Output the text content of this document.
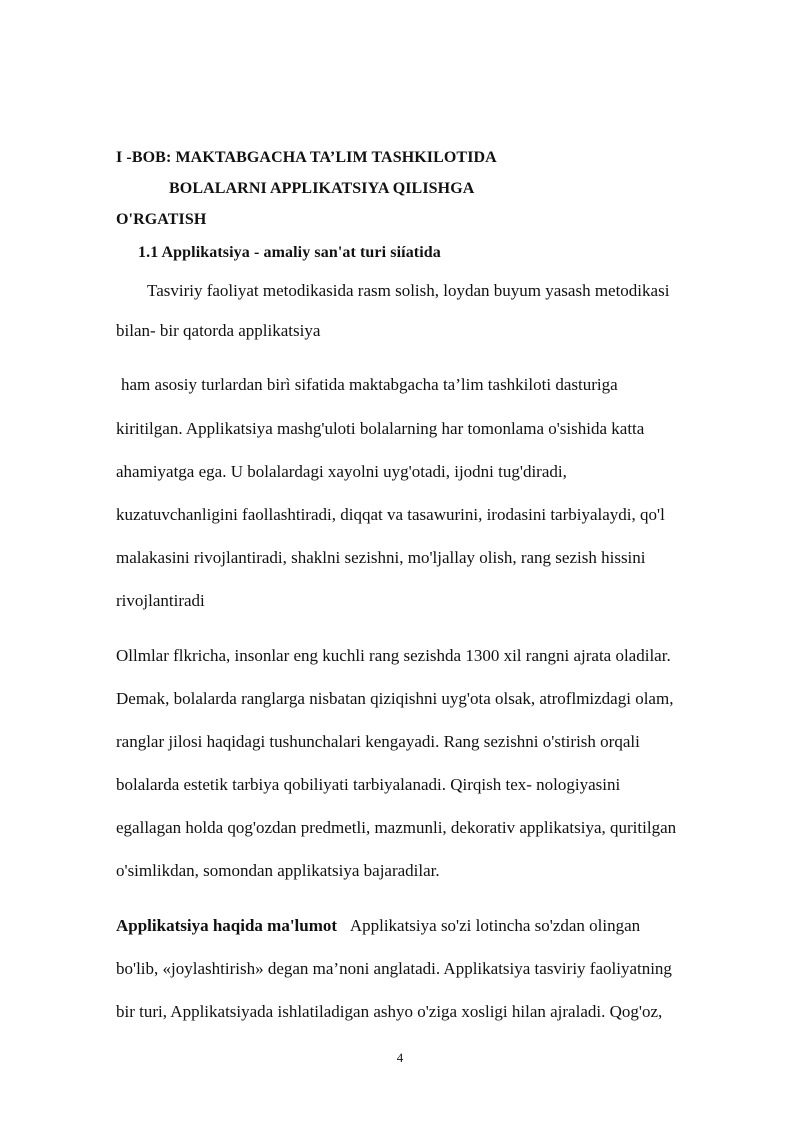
I -BOB: MAKTABGACHA TA’LIM TASHKILOTIDA

BOLALARNI APPLIKATSIYA QILISHGA

O'RGATISH

1.1 Applikatsiya - amaliy san'at turi siíatida

Tasviriy faoliyat metodikasida rasm solish, loydan buyum yasash metodikasi

bilan- bir qatorda applikatsiya

ham asosiy turlardan birì sifatida maktabgacha ta’lim tashkiloti dasturiga

kiritilgan. Applikatsiya mashg'uloti bolalarning har tomonlama o'sishida katta

ahamiyatga ega. U bolalardagi xayolni uyg'otadi, ijodni tug'diradi,

kuzatuvchanligini faollashtiradi, diqqat va tasawurini, irodasini tarbiyalaydi, qo'l

malakasini rivojlantiradi, shaklni sezishni, mo'ljallay olish, rang sezish hissini

rivojlantiradi

Ollmlar flkricha, insonlar eng kuchli rang sezishda 1300 xil rangni ajrata oladilar.

Demak, bolalarda ranglarga nisbatan qiziqishni uyg'ota olsak, atroflmizdagi olam,

ranglar jilosi haqidagi tushunchalari kengayadi. Rang sezishni o'stirish orqali

bolalarda estetik tarbiya qobiliyati tarbiyalanadi. Qirqish tex- nologiyasini

egallagan holda qog'ozdan predmetli, mazmunli, dekorativ applikatsiya, quritilgan

o'simlikdan, somondan applikatsiya bajaradilar.

Applikatsiya haqida ma'lumot Applikatsiya so'zi lotincha so'zdan olingan

bo'lib, «joylashtirish» degan ma’noni anglatadi. Applikatsiya tasviriy faoliyatning

bir turi, Applikatsiyada ishlatiladigan ashyo o'ziga xosligi hilan ajraladi. Qog'oz,

4
